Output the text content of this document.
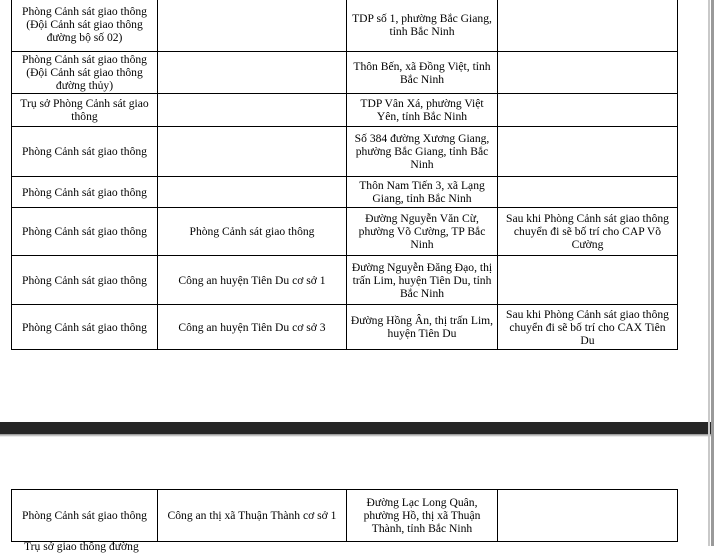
Phòng Cảnh sát giao thông (Đội Cảnh sát giao thông đường bộ số 02)		TDP số 1, phường Bắc Giang, tỉnh Bắc Ninh	
Phòng Cảnh sát giao thông (Đội Cảnh sát giao thông đường thủy)		Thôn Bến, xã Đồng Việt, tỉnh Bắc Ninh	
Trụ sở Phòng Cảnh sát giao thông		TDP Vân Xá, phường Việt Yên, tỉnh Bắc Ninh	
Phòng Cảnh sát giao thông		Số 384 đường Xương Giang, phường Bắc Giang, tỉnh Bắc Ninh	
Phòng Cảnh sát giao thông		Thôn Nam Tiến 3, xã Lạng Giang, tỉnh Bắc Ninh	
Phòng Cảnh sát giao thông	Phòng Cảnh sát giao thông	Đường Nguyễn Văn Cừ, phường Võ Cường, TP Bắc Ninh	Sau khi Phòng Cảnh sát giao thông chuyển đi sẽ bố trí cho CAP Võ Cường
Phòng Cảnh sát giao thông	Công an huyện Tiên Du cơ sở 1	Đường Nguyễn Đăng Đạo, thị trấn Lim, huyện Tiên Du, tỉnh Bắc Ninh	
Phòng Cảnh sát giao thông	Công an huyện Tiên Du cơ sở 3	Đường Hồng Ân, thị trấn Lim, huyện Tiên Du	Sau khi Phòng Cảnh sát giao thông chuyển đi sẽ bố trí cho CAX Tiên Du
Phòng Cảnh sát giao thông	Công an thị xã Thuận Thành cơ sở 1	Đường Lạc Long Quân, phường Hồ, thị xã Thuận Thành, tỉnh Bắc Ninh	
Trụ sở giao thông đường
